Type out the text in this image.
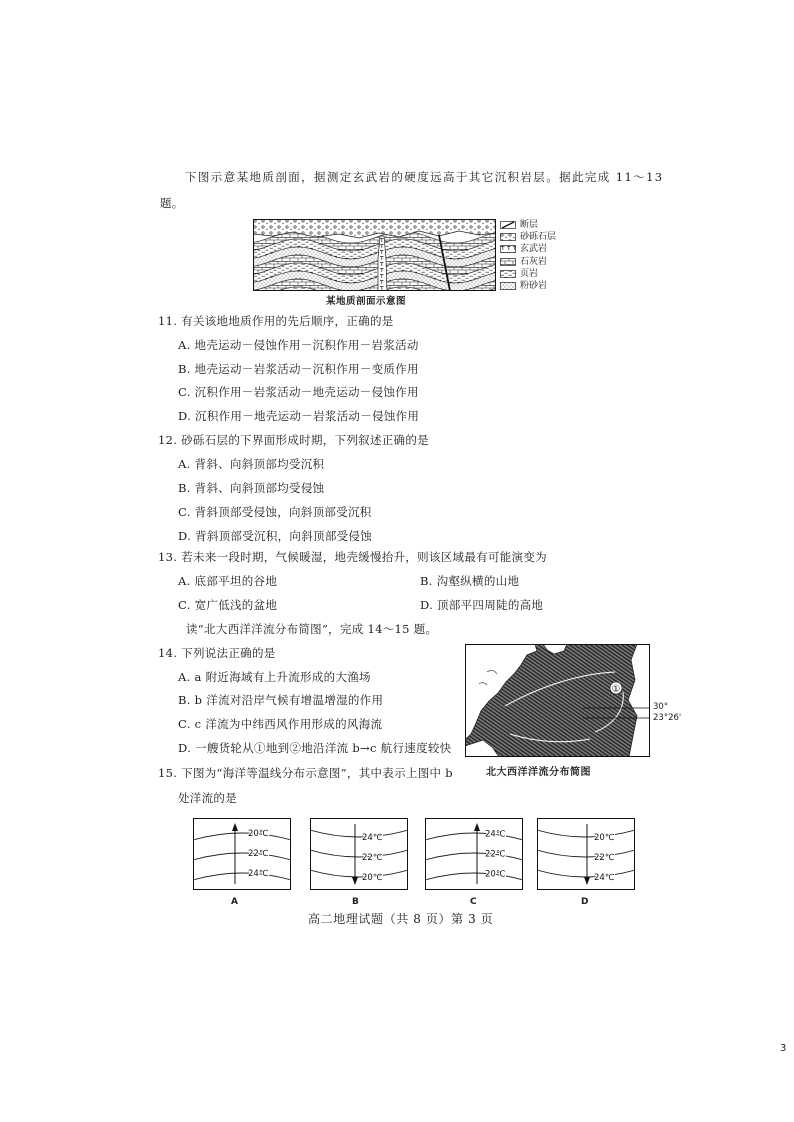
下图示意某地质剖面，据测定玄武岩的硬度远高于其它沉积岩层。据此完成 11～13
题。
断层
砂砾石层
玄武岩
石灰岩
页岩
粉砂岩
某地质剖面示意图
11. 有关该地地质作用的先后顺序，正确的是
A. 地壳运动－侵蚀作用－沉积作用－岩浆活动
B. 地壳运动－岩浆活动－沉积作用－变质作用
C. 沉积作用－岩浆活动－地壳运动－侵蚀作用
D. 沉积作用－地壳运动－岩浆活动－侵蚀作用
12. 砂砾石层的下界面形成时期，下列叙述正确的是
A. 背斜、向斜顶部均受沉积
B. 背斜、向斜顶部均受侵蚀
C. 背斜顶部受侵蚀，向斜顶部受沉积
D. 背斜顶部受沉积，向斜顶部受侵蚀
13. 若未来一段时期，气候暖湿，地壳缓慢抬升，则该区域最有可能演变为
A. 底部平坦的谷地	B. 沟壑纵横的山地
C. 宽广低浅的盆地	D. 顶部平四周陡的高地
读“北大西洋洋流分布简图”，完成 14～15 题。
14. 下列说法正确的是
A. a 附近海域有上升流形成的大渔场
B. b 洋流对沿岸气候有增温增湿的作用
C. c 洋流为中纬西风作用形成的风海流
D. 一艘货轮从①地到②地沿洋流 b→c 航行速度较快
①
30°
23°26'
北大西洋洋流分布简图
15. 下图为“海洋等温线分布示意图”，其中表示上图中 b
处洋流的是
20℃
22℃
24℃
24℃
22℃
20℃
24℃
22℃
20℃
20℃
22℃
24℃
A	B	C	D
高二地理试题（共 8 页）第 3 页
3
